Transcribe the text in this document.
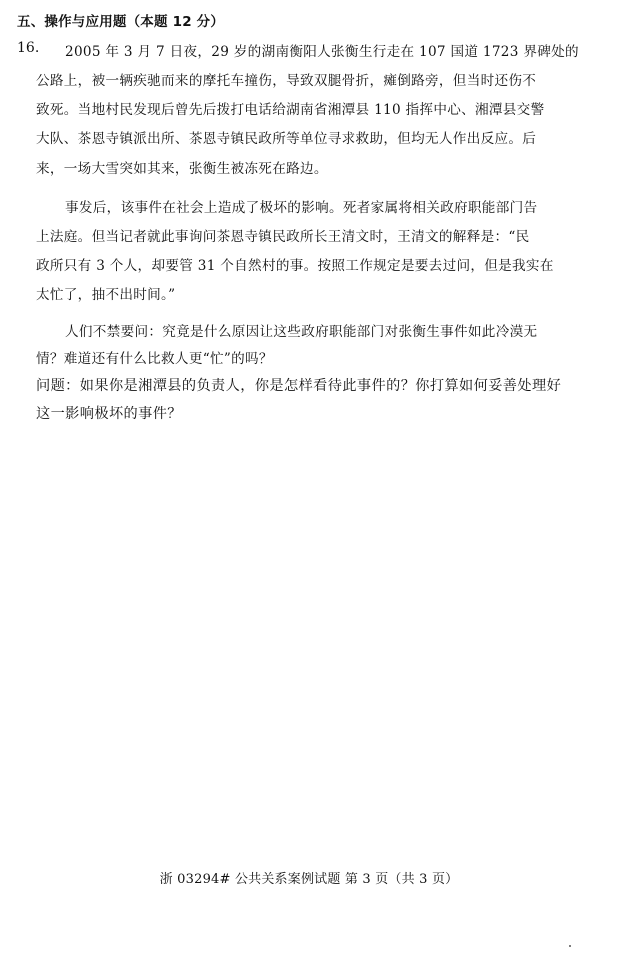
五、操作与应用题（本题 12 分）
16. 2005 年 3 月 7 日夜，29 岁的湖南衡阳人张衡生行走在 107 国道 1723 界碑处的
公路上，被一辆疾驰而来的摩托车撞伤，导致双腿骨折，瘫倒路旁，但当时还伤不
致死。当地村民发现后曾先后拨打电话给湖南省湘潭县 110 指挥中心、湘潭县交警
大队、茶恩寺镇派出所、茶恩寺镇民政所等单位寻求救助，但均无人作出反应。后
来，一场大雪突如其来，张衡生被冻死在路边。
事发后，该事件在社会上造成了极坏的影响。死者家属将相关政府职能部门告
上法庭。但当记者就此事询问茶恩寺镇民政所长王清文时，王清文的解释是：“民
政所只有 3 个人，却要管 31 个自然村的事。按照工作规定是要去过问，但是我实在
太忙了，抽不出时间。”
人们不禁要问：究竟是什么原因让这些政府职能部门对张衡生事件如此冷漠无
情？难道还有什么比救人更“忙”的吗？
问题：如果你是湘潭县的负责人，你是怎样看待此事件的？你打算如何妥善处理好
这一影响极坏的事件？
浙 03294# 公共关系案例试题 第 3 页（共 3 页）
